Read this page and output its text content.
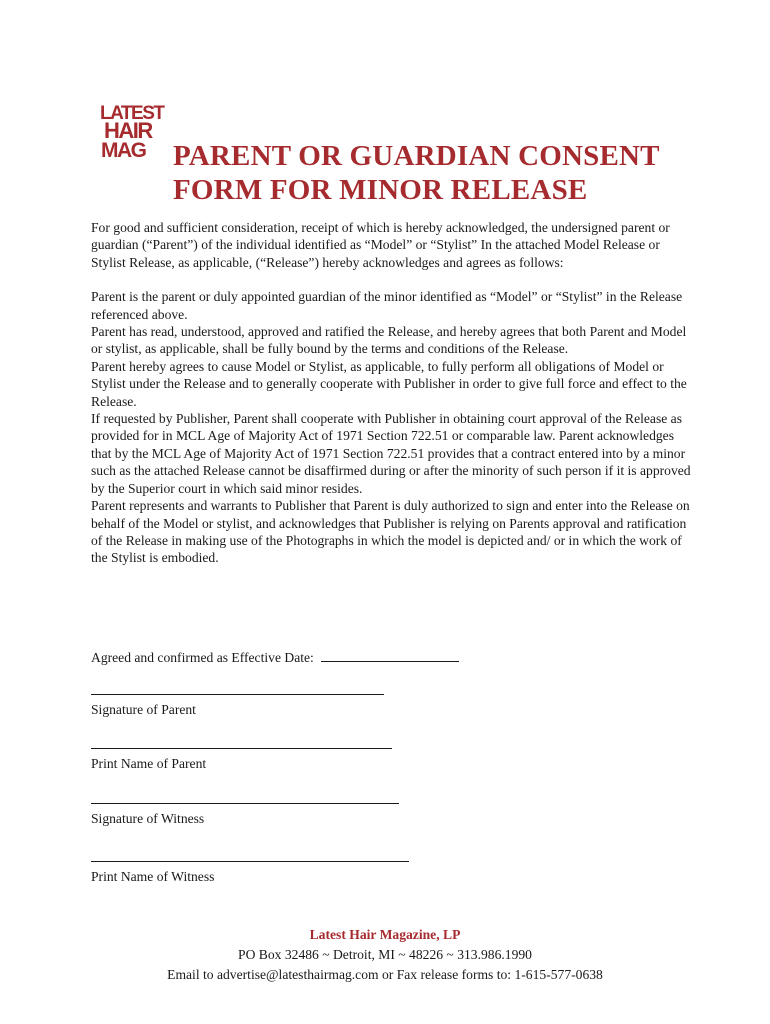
LATEST
HAIR
MAG PARENT OR GUARDIAN CONSENT
FORM FOR MINOR RELEASE

For good and sufficient consideration, receipt of which is hereby acknowledged, the undersigned parent or guardian (“Parent”) of the individual identified as “Model” or “Stylist” In the attached Model Release or Stylist Release, as applicable, (“Release”) hereby acknowledges and agrees as follows:

Parent is the parent or duly appointed guardian of the minor identified as “Model” or “Stylist” in the Release referenced above.

Parent has read, understood, approved and ratified the Release, and hereby agrees that both Parent and Model or stylist, as applicable, shall be fully bound by the terms and conditions of the Release.

Parent hereby agrees to cause Model or Stylist, as applicable, to fully perform all obligations of Model or Stylist under the Release and to generally cooperate with Publisher in order to give full force and effect to the Release.

If requested by Publisher, Parent shall cooperate with Publisher in obtaining court approval of the Release as provided for in MCL Age of Majority Act of 1971 Section 722.51 or comparable law. Parent acknowledges that by the MCL Age of Majority Act of 1971 Section 722.51 provides that a contract entered into by a minor such as the attached Release cannot be disaffirmed during or after the minority of such person if it is approved by the Superior court in which said minor resides.

Parent represents and warrants to Publisher that Parent is duly authorized to sign and enter into the Release on behalf of the Model or stylist, and acknowledges that Publisher is relying on Parents approval and ratification of the Release in making use of the Photographs in which the model is depicted and/ or in which the work of the Stylist is embodied.

Agreed and confirmed as Effective Date:
Signature of Parent
Print Name of Parent
Signature of Witness
Print Name of Witness
Latest Hair Magazine, LP
PO Box 32486 ~ Detroit, MI ~ 48226 ~ 313.986.1990
Email to advertise@latesthairmag.com or Fax release forms to: 1-615-577-0638
